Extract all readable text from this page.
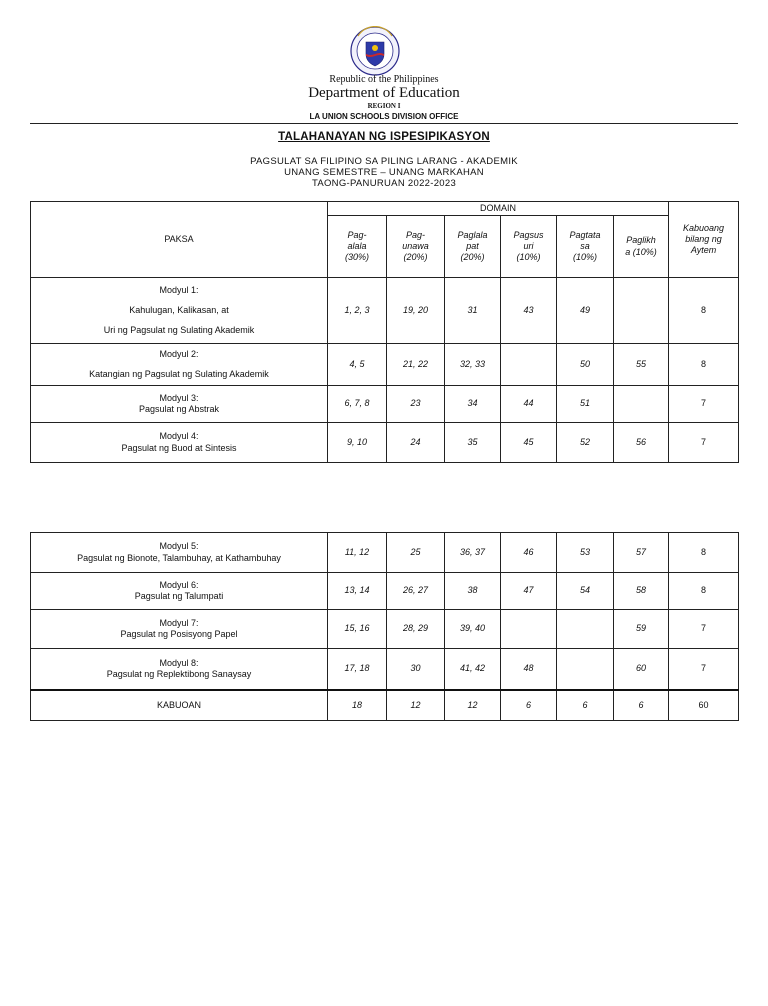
Republic of the Philippines
Department of Education
REGION I
LA UNION SCHOOLS DIVISION OFFICE
TALAHANAYAN NG ISPESIPIKASYON
PAGSULAT SA FILIPINO SA PILING LARANG - AKADEMIK
UNANG SEMESTRE – UNANG MARKAHAN
TAONG-PANURUAN 2022-2023
PAKSA	DOMAIN						Kabuoang
bilang ng
Aytem

	Pag-
alala
(30%)	Pag-
unawa
(20%)	Paglala
pat
(20%)	Pagsus
uri
(10%)	Pagtata
sa
(10%)	Paglikh
a (10%)	

Modyul 1:
Kahulugan, Kalikasan, at
Uri ng Pagsulat ng Sulating Akademik	1, 2, 3	19, 20	31	43	49		8

Modyul 2:
Katangian ng Pagsulat ng Sulating Akademik	4, 5	21, 22	32, 33		50	55	8

Modyul 3:
Pagsulat ng Abstrak	6, 7, 8	23	34	44	51		7

Modyul 4:
Pagsulat ng Buod at Sintesis	9, 10	24	35	45	52	56	7
Modyul 5:
Pagsulat ng Bionote, Talambuhay, at Kathambuhay	11, 12	25	36, 37	46	53	57	8

Modyul 6:
Pagsulat ng Talumpati	13, 14	26, 27	38	47	54	58	8

Modyul 7:
Pagsulat ng Posisyong Papel	15, 16	28, 29	39, 40			59	7

Modyul 8:
Pagsulat ng Replektibong Sanaysay	17, 18	30	41, 42	48		60	7
KABUOAN	18	12	12	6	6	6	60
